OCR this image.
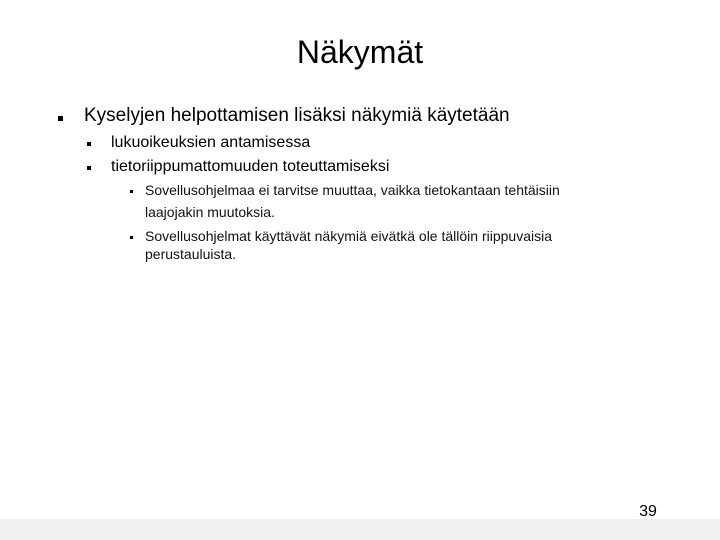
Näkymät
Kyselyjen helpottamisen lisäksi näkymiä käytetään
lukuoikeuksien antamisessa
tietoriippumattomuuden toteuttamiseksi
Sovellusohjelmaa ei tarvitse muuttaa, vaikka tietokantaan tehtäisiin
laajojakin muutoksia.
Sovellusohjelmat käyttävät näkymiä eivätkä ole tällöin riippuvaisia
perustauluista.
39
